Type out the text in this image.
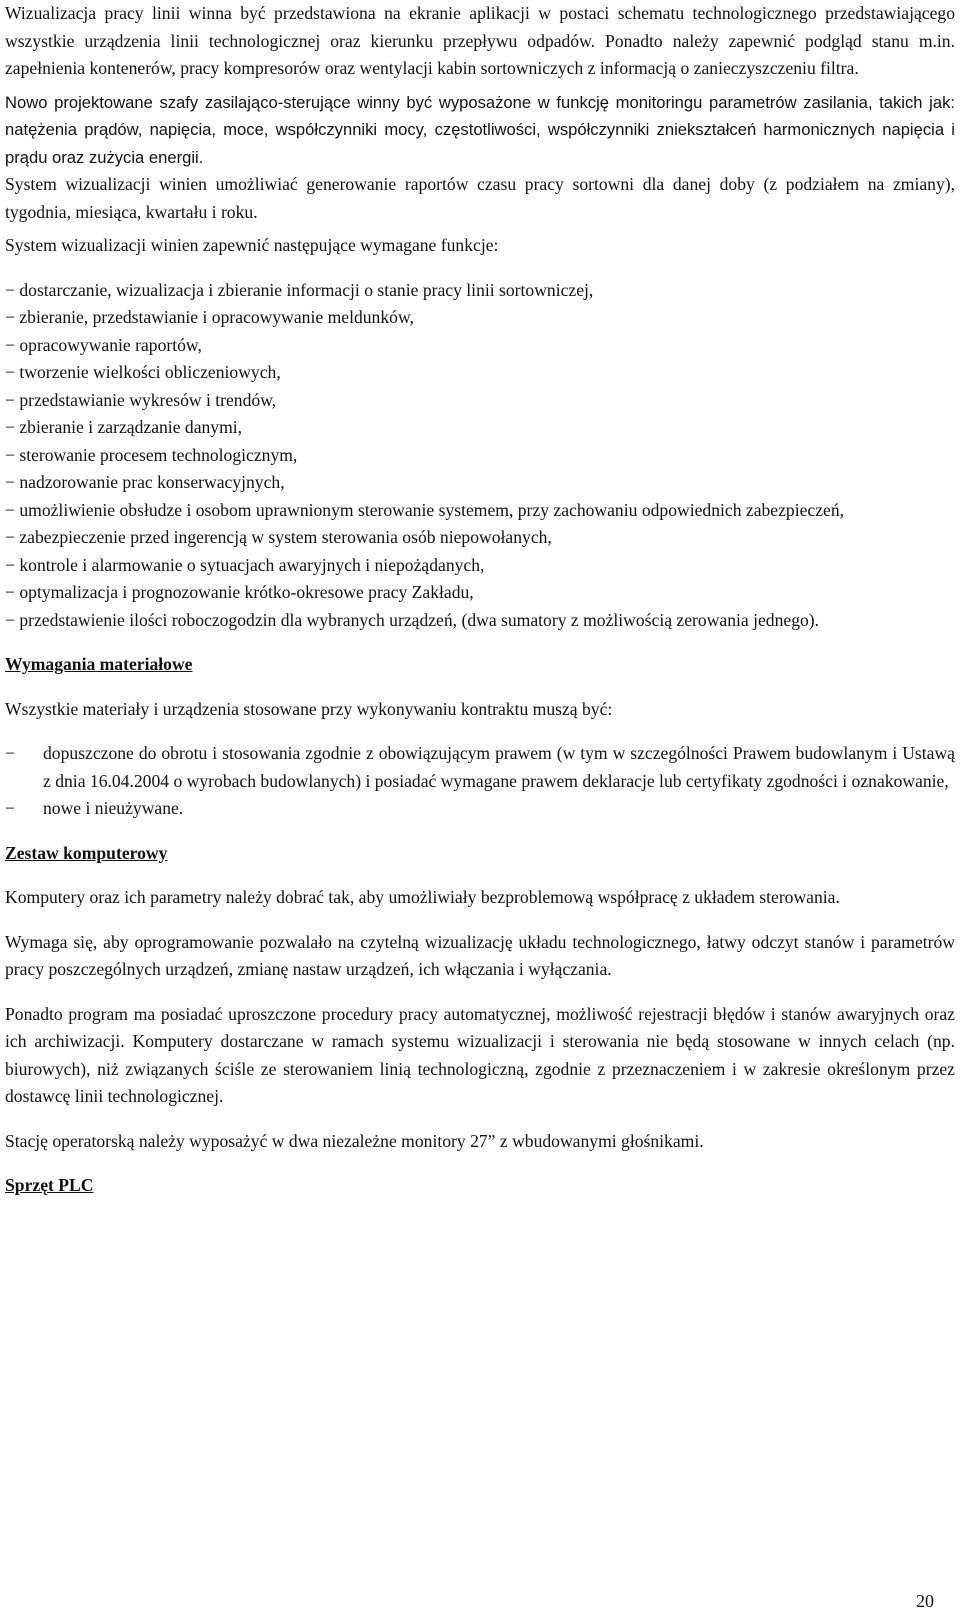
Wizualizacja pracy linii winna być przedstawiona na ekranie aplikacji w postaci schematu technologicznego przedstawiającego wszystkie urządzenia linii technologicznej oraz kierunku przepływu odpadów. Ponadto należy zapewnić podgląd stanu m.in. zapełnienia kontenerów, pracy kompresorów oraz wentylacji kabin sortowniczych z informacją o zanieczyszczeniu filtra.

Nowo projektowane szafy zasilająco-sterujące winny być wyposażone w funkcję monitoringu parametrów zasilania, takich jak: natężenia prądów, napięcia, moce, współczynniki mocy, częstotliwości, współczynniki zniekształceń harmonicznych napięcia i prądu oraz zużycia energii.

System wizualizacji winien umożliwiać generowanie raportów czasu pracy sortowni dla danej doby (z podziałem na zmiany), tygodnia, miesiąca, kwartału i roku.

System wizualizacji winien zapewnić następujące wymagane funkcje:

− dostarczanie, wizualizacja i zbieranie informacji o stanie pracy linii sortowniczej,
− zbieranie, przedstawianie i opracowywanie meldunków,
− opracowywanie raportów,
− tworzenie wielkości obliczeniowych,
− przedstawianie wykresów i trendów,
− zbieranie i zarządzanie danymi,
− sterowanie procesem technologicznym,
− nadzorowanie prac konserwacyjnych,
− umożliwienie obsłudze i osobom uprawnionym sterowanie systemem, przy zachowaniu odpowiednich zabezpieczeń,
− zabezpieczenie przed ingerencją w system sterowania osób niepowołanych,
− kontrole i alarmowanie o sytuacjach awaryjnych i niepożądanych,
− optymalizacja i prognozowanie krótko-okresowe pracy Zakładu,
− przedstawienie ilości roboczogodzin dla wybranych urządzeń, (dwa sumatory z możliwością zerowania jednego).

Wymagania materiałowe

Wszystkie materiały i urządzenia stosowane przy wykonywaniu kontraktu muszą być:

−	dopuszczone do obrotu i stosowania zgodnie z obowiązującym prawem (w tym w szczególności Prawem budowlanym i Ustawą z dnia 16.04.2004 o wyrobach budowlanych) i posiadać wymagane prawem deklaracje lub certyfikaty zgodności i oznakowanie,
−	nowe i nieużywane.

Zestaw komputerowy

Komputery oraz ich parametry należy dobrać tak, aby umożliwiały bezproblemową współpracę z układem sterowania.

Wymaga się, aby oprogramowanie pozwalało na czytelną wizualizację układu technologicznego, łatwy odczyt stanów i parametrów pracy poszczególnych urządzeń, zmianę nastaw urządzeń, ich włączania i wyłączania.

Ponadto program ma posiadać uproszczone procedury pracy automatycznej, możliwość rejestracji błędów i stanów awaryjnych oraz ich archiwizacji. Komputery dostarczane w ramach systemu wizualizacji i sterowania nie będą stosowane w innych celach (np. biurowych), niż związanych ściśle ze sterowaniem linią technologiczną, zgodnie z przeznaczeniem i w zakresie określonym przez dostawcę linii technologicznej.

Stację operatorską należy wyposażyć w dwa niezależne monitory 27” z wbudowanymi głośnikami.

Sprzęt PLC

20
